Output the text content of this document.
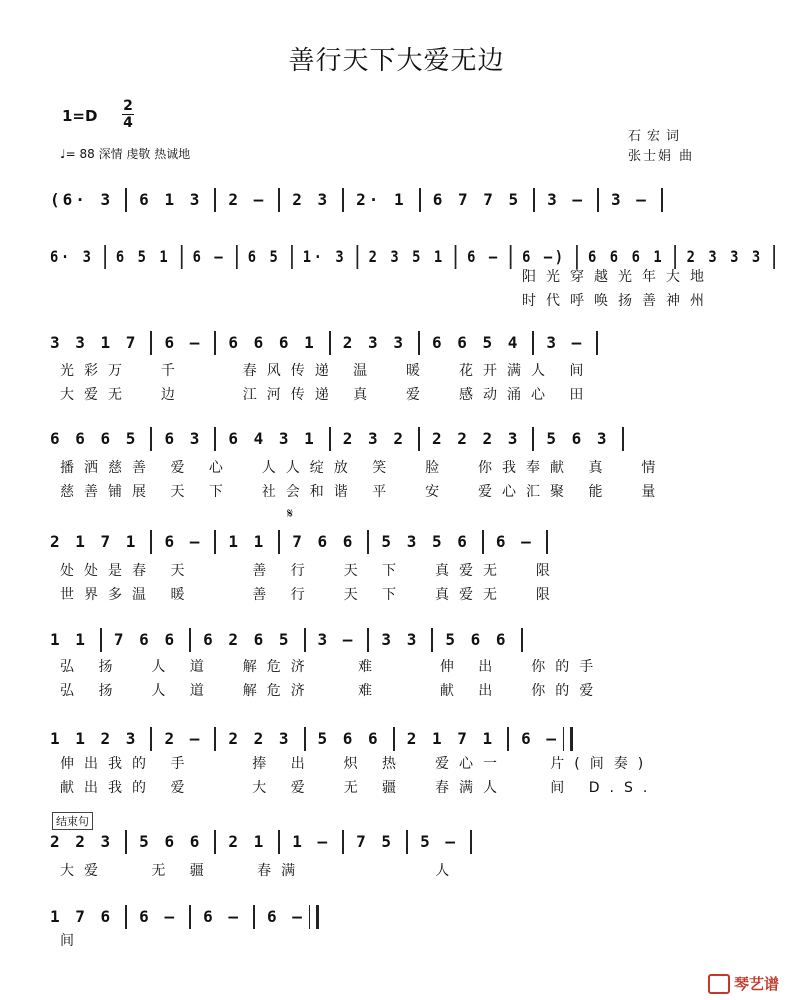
善行天下大爱无边
1=D
2
4
♩= 88 深情 虔敬 热诚地
石宏词
张士娟 曲
(6· 3 6 1 3 2 – 2 3 2· 1 6 7 7 5 3 – 3 –
6· 3 6 5 1 6 – 6 5 1· 3 2 3 5 1 6 – 6 –) 6 6 6 1 2 3 3 3
阳光穿越光年大地
时代呼唤扬善神州
3 3 1 7 6 – 6 6 6 1 2 3 3 6 6 5 4 3 –
光彩万  千    春风传递 温  暖  花开满人 间
大爱无  边    江河传递 真  爱  感动涌心 田
6 6 6 5 6 3 6 4 3 1 2 3 2 2 2 2 3 5 6 3
播洒慈善 爱 心  人人绽放 笑  脸  你我奉献 真  情
慈善铺展 天 下  社会和谐 平  安  爱心汇聚 能  量
2 1 7 1 6 – 1 1 7 6 6 5 3 5 6 6 –
处处是春 天    善 行  天 下  真爱无  限
世界多温 暖    善 行  天 下  真爱无  限
1 1 7 6 6 6 2 6 5 3 – 3 3 5 6 6
弘 扬  人 道  解危济   难    伸 出  你的手
弘 扬  人 道  解危济   难    献 出  你的爱
1 1 2 3 2 – 2 2 3 5 6 6 2 1 7 1 6 –
伸出我的 手    捧 出  炽 热  爱心一   片(间奏)
献出我的 爱    大 爱  无 疆  春满人   间 D.S.
2 2 3 5 6 6 2 1 1 – 7 5 5 –
大爱   无 疆   春满         人
1 7 6 6 – 6 – 6 –
间
𝄋
结束句
琴艺谱
